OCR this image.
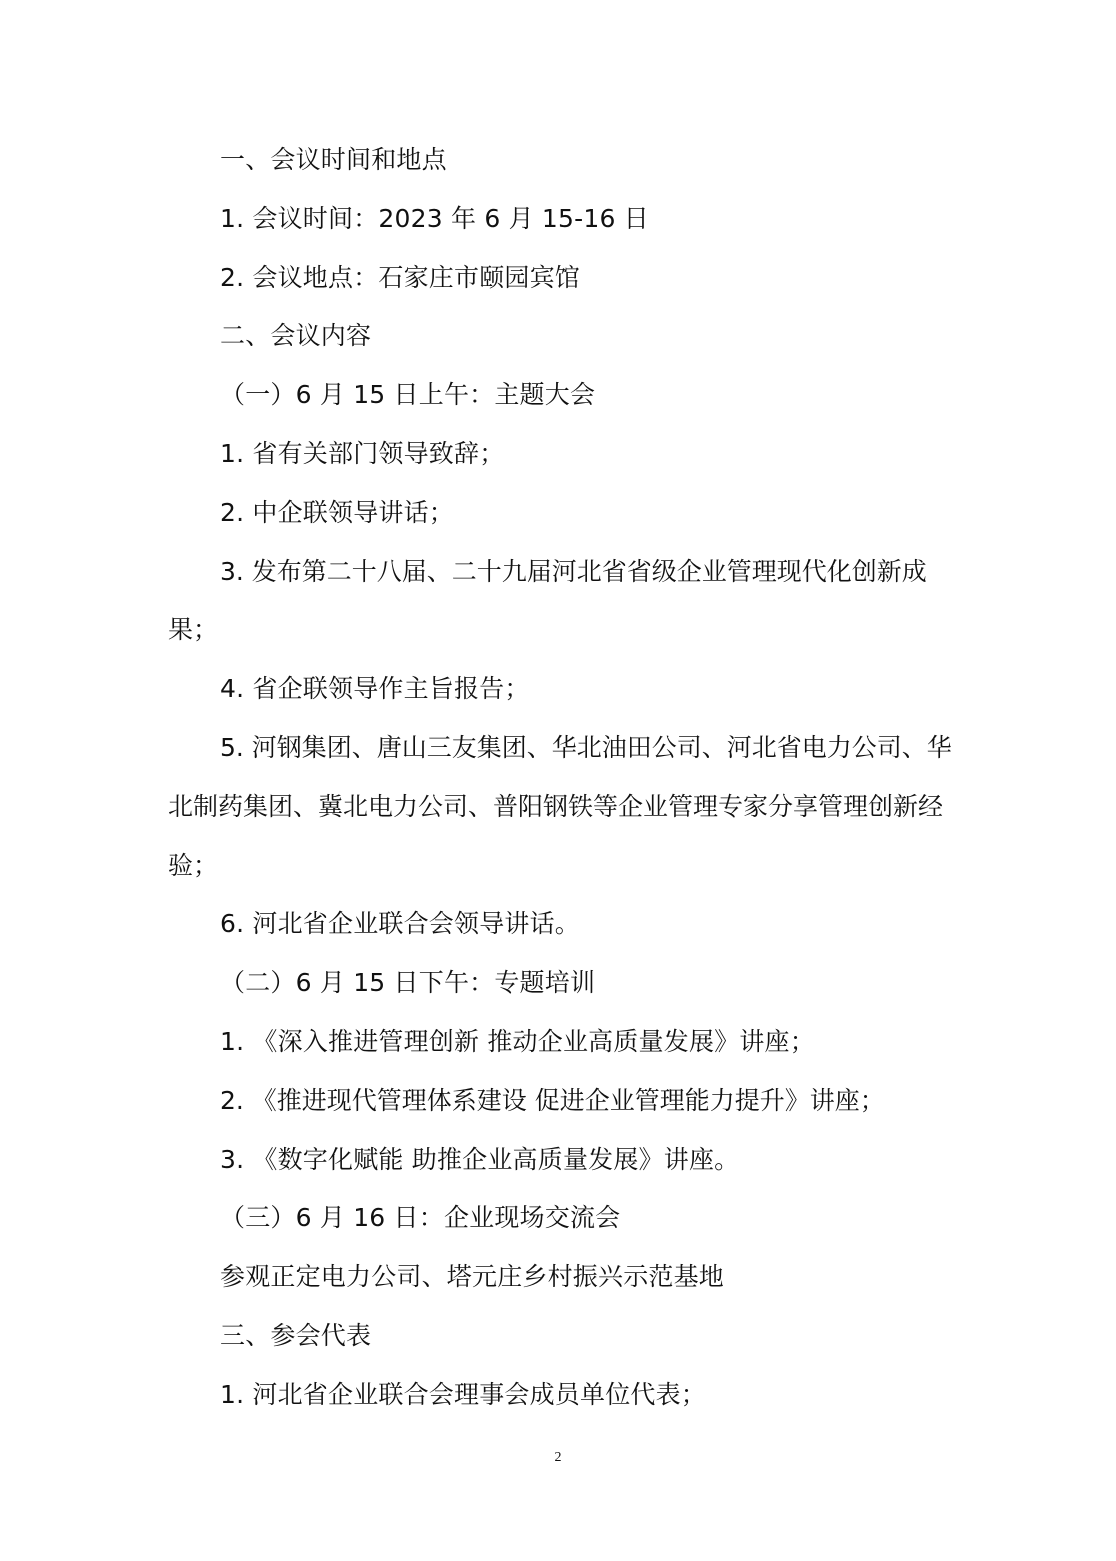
一、会议时间和地点

1. 会议时间：2023 年 6 月 15-16 日

2. 会议地点：石家庄市颐园宾馆

二、会议内容

（一）6 月 15 日上午：主题大会

1. 省有关部门领导致辞；

2. 中企联领导讲话；

3. 发布第二十八届、二十九届河北省省级企业管理现代化创新成果；

4. 省企联领导作主旨报告；

5. 河钢集团、唐山三友集团、华北油田公司、河北省电力公司、华北制药集团、冀北电力公司、普阳钢铁等企业管理专家分享管理创新经验；

6. 河北省企业联合会领导讲话。

（二）6 月 15 日下午：专题培训

1. 《深入推进管理创新 推动企业高质量发展》讲座；

2. 《推进现代管理体系建设 促进企业管理能力提升》讲座；

3. 《数字化赋能 助推企业高质量发展》讲座。

（三）6 月 16 日：企业现场交流会

参观正定电力公司、塔元庄乡村振兴示范基地

三、参会代表

1. 河北省企业联合会理事会成员单位代表；

2
